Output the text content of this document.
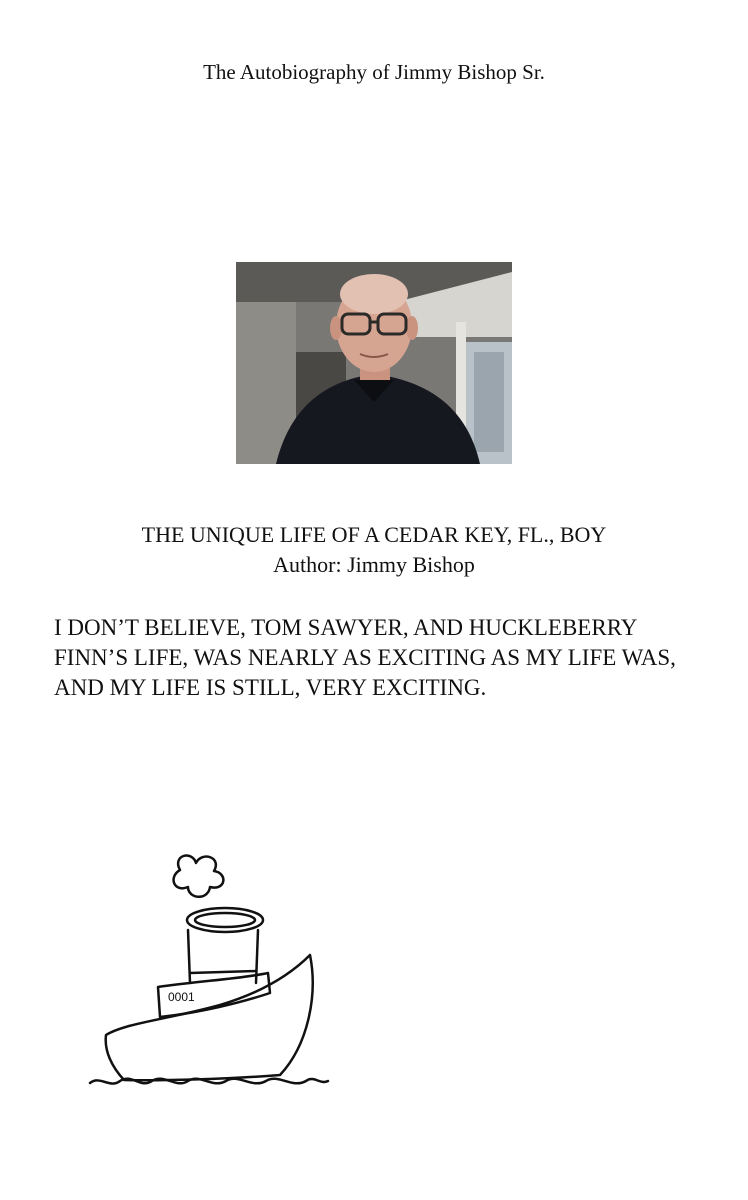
The Autobiography of Jimmy Bishop Sr.
THE UNIQUE LIFE OF A CEDAR KEY, FL., BOY
Author: Jimmy Bishop

I DON’T BELIEVE, TOM SAWYER, AND HUCKLEBERRY FINN’S LIFE, WAS NEARLY AS EXCITING AS MY LIFE WAS, AND MY LIFE IS STILL, VERY EXCITING.

0001
